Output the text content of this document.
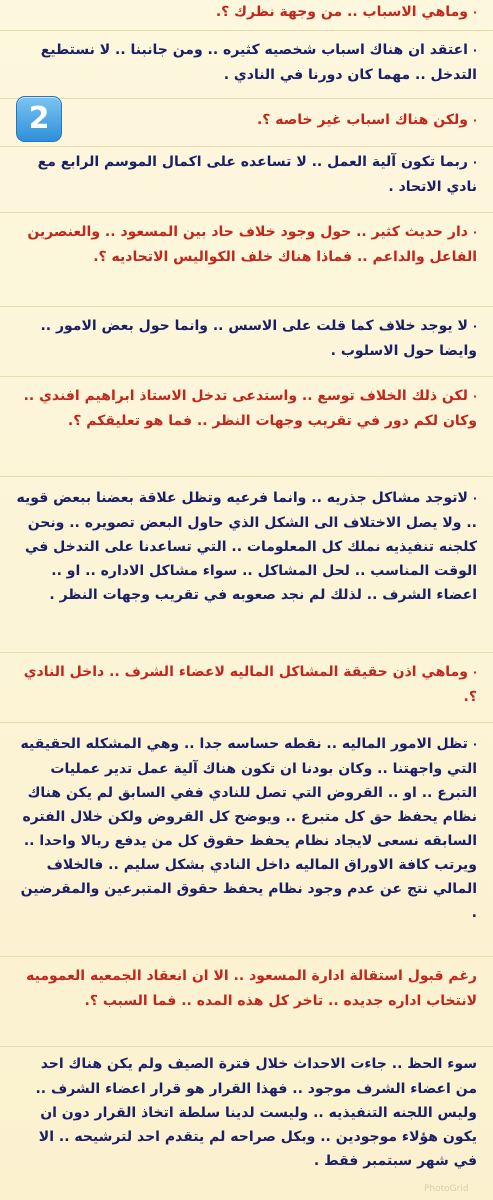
· وماهي الاسباب .. من وجهة نظرك ؟.
· اعتقد ان هناك اسباب شخصيه كثيره .. ومن جانبنا .. لا نستطيع التدخل .. مهما كان دورنا في النادي .
2	· ولكن هناك اسباب غير خاصه ؟.
· ربما تكون آلية العمل .. لا تساعده على اكمال الموسم الرابع مع نادي الاتحاد .
· دار حديث كثير .. حول وجود خلاف حاد بين المسعود .. والعنصرين الفاعل والداعم .. فماذا هناك خلف الكواليس الاتحاديه ؟.
· لا يوجد خلاف كما قلت على الاسس .. وانما حول بعض الامور .. وايضا حول الاسلوب .
· لكن ذلك الخلاف توسع .. واستدعى تدخل الاستاذ ابراهيم افندي .. وكان لكم دور في تقريب وجهات النظر .. فما هو تعليقكم ؟.
· لاتوجد مشاكل جذريه .. وانما فرعيه وتظل علاقة بعضنا ببعض قويه .. ولا يصل الاختلاف الى الشكل الذي حاول البعض تصويره .. ونحن كلجنه تنفيذيه نملك كل المعلومات .. التي تساعدنا على التدخل في الوقت المناسب .. لحل المشاكل .. سواء مشاكل الاداره .. او .. اعضاء الشرف .. لذلك لم نجد صعوبه في تقريب وجهات النظر .
· وماهي اذن حقيقة المشاكل الماليه لاعضاء الشرف .. داخل النادي ؟.
· تظل الامور الماليه .. نقطه حساسه جدا .. وهي المشكله الحقيقيه التي واجهتنا .. وكان بودنا ان تكون هناك آلية عمل تدير عمليات التبرع .. او .. القروض التي تصل للنادي ففي السابق لم يكن هناك نظام يحفظ حق كل متبرع .. ويوضح كل القروض ولكن خلال الفتره السابقه نسعى لايجاد نظام يحفظ حقوق كل من يدفع ريالا واحدا .. ويرتب كافة الاوراق الماليه داخل النادي بشكل سليم .. فالخلاف المالي نتج عن عدم وجود نظام يحفظ حقوق المتبرعين والمقرضين .
رغم قبول استقالة ادارة المسعود .. الا ان انعقاد الجمعيه العموميه لانتخاب اداره جديده .. تاخر كل هذه المده .. فما السبب ؟.
سوء الحظ .. جاءت الاحداث خلال فترة الصيف ولم يكن هناك احد من اعضاء الشرف موجود .. فهذا القرار هو قرار اعضاء الشرف .. وليس اللجنه التنفيذيه .. وليست لدينا سلطة اتخاذ القرار دون ان يكون هؤلاء موجودين .. وبكل صراحه لم يتقدم احد لترشيحه .. الا في شهر سبتمبر فقط .
PhotoGrid
